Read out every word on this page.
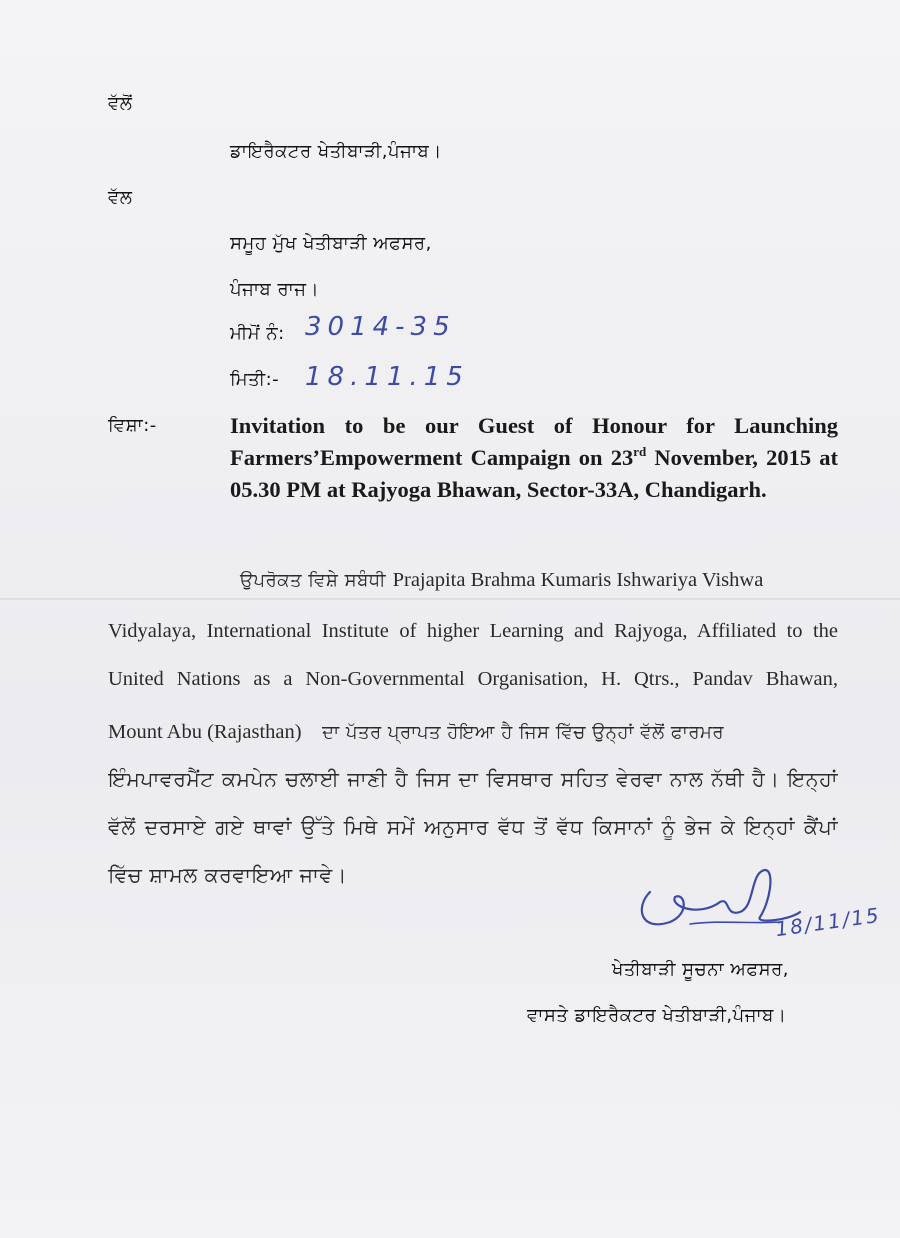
ਵੱਲੋਂ
ਡਾਇਰੈਕਟਰ ਖੇਤੀਬਾੜੀ,ਪੰਜਾਬ।
ਵੱਲ
ਸਮੂਹ ਮੁੱਖ ਖੇਤੀਬਾੜੀ ਅਫਸਰ,
ਪੰਜਾਬ ਰਾਜ।
ਮੀਮੋਂ ਨੰ: 3014-35
ਮਿਤੀ:- 18.11.15
ਵਿਸ਼ਾ:-	Invitation to be our Guest of Honour for Launching Farmers’Empowerment Campaign on 23rd November, 2015 at 05.30 PM at Rajyoga Bhawan, Sector-33A, Chandigarh.
ਉਪਰੋਕਤ ਵਿਸ਼ੇ ਸਬੰਧੀ Prajapita Brahma Kumaris Ishwariya Vishwa
Vidyalaya, International Institute of higher Learning and Rajyoga, Affiliated to the
United Nations as a Non-Governmental Organisation, H. Qtrs., Pandav Bhawan,
Mount Abu (Rajasthan) ਦਾ ਪੱਤਰ ਪ੍ਰਾਪਤ ਹੋਇਆ ਹੈ ਜਿਸ ਵਿੱਚ ਉਨ੍ਹਾਂ ਵੱਲੋਂ ਫਾਰਮਰ
ਇੰਮਪਾਵਰਮੈਂਟ ਕਮਪੇਨ ਚਲਾਈ ਜਾਣੀ ਹੈ ਜਿਸ ਦਾ ਵਿਸਥਾਰ ਸਹਿਤ ਵੇਰਵਾ ਨਾਲ ਨੱਥੀ ਹੈ। ਇਨ੍ਹਾਂ
ਵੱਲੋਂ ਦਰਸਾਏ ਗਏ ਥਾਵਾਂ ਉੱਤੇ ਮਿਥੇ ਸਮੇਂ ਅਨੁਸਾਰ ਵੱਧ ਤੋਂ ਵੱਧ ਕਿਸਾਨਾਂ ਨੂੰ ਭੇਜ ਕੇ ਇਨ੍ਹਾਂ ਕੈਂਪਾਂ
ਵਿੱਚ ਸ਼ਾਮਲ ਕਰਵਾਇਆ ਜਾਵੇ।
18/11/15
ਖੇਤੀਬਾੜੀ ਸੂਚਨਾ ਅਫਸਰ,
ਵਾਸਤੇ ਡਾਇਰੈਕਟਰ ਖੇਤੀਬਾੜੀ,ਪੰਜਾਬ।
